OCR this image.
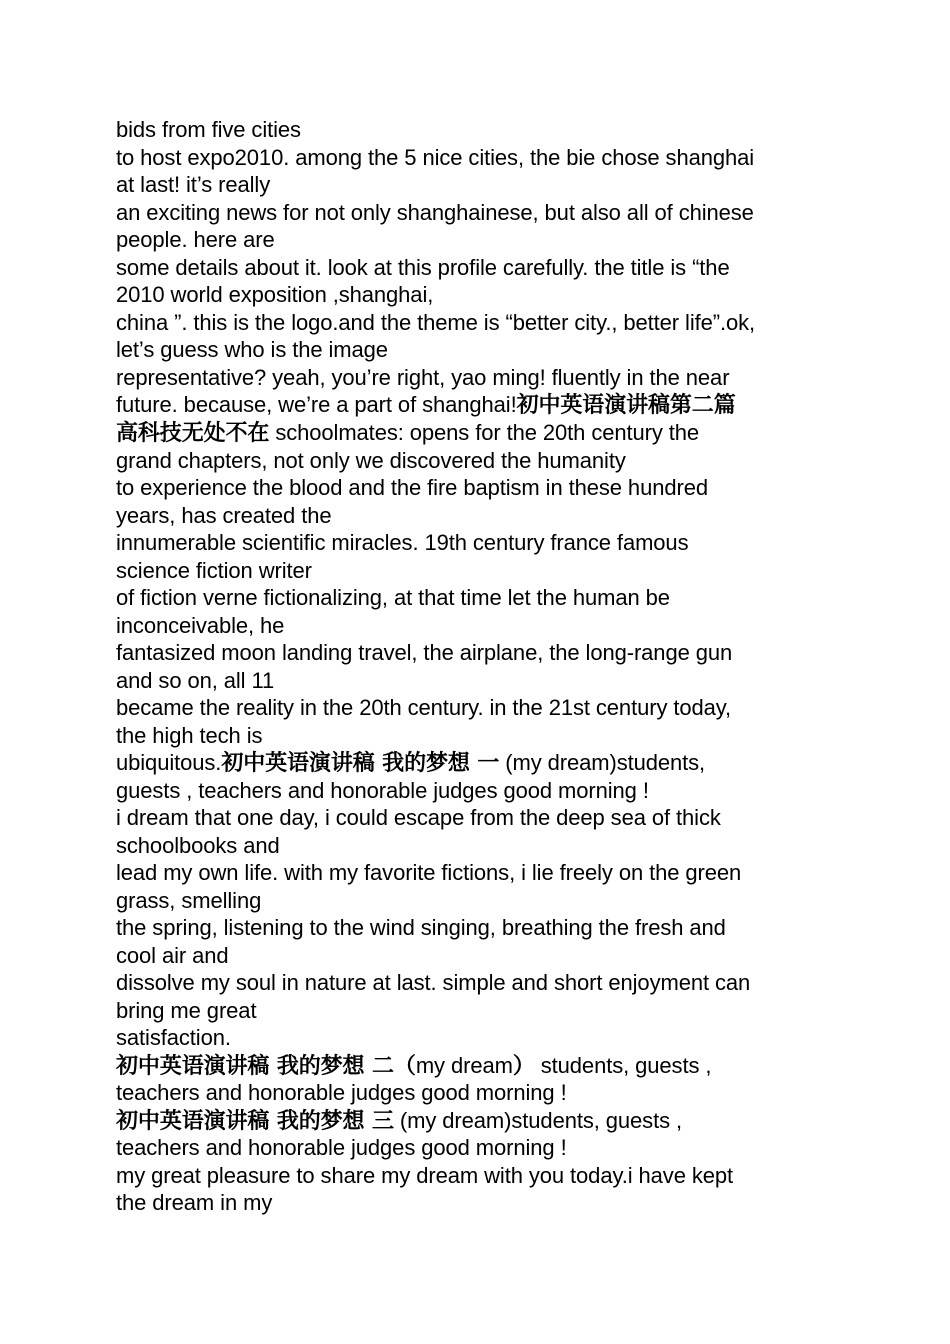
bids from five cities
to host expo2010. among the 5 nice cities, the bie chose shanghai
at last! it’s really
an exciting news for not only shanghainese, but also all of chinese
people. here are
some details about it. look at this profile carefully. the title is “the
2010 world exposition ,shanghai,
china ”. this is the logo.and the theme is “better city., better life”.ok,
let’s guess who is the image
representative? yeah, you’re right, yao ming! fluently in the near
future. because, we’re a part of shanghai!初中英语演讲稿第二篇
高科技无处不在 schoolmates: opens for the 20th century the
grand chapters, not only we discovered the humanity
to experience the blood and the fire baptism in these hundred
years, has created the
innumerable scientific miracles. 19th century france famous
science fiction writer
of fiction verne fictionalizing, at that time let the human be
inconceivable, he
fantasized moon landing travel, the airplane, the long-range gun
and so on, all 11
became the reality in the 20th century. in the 21st century today,
the high tech is
ubiquitous.初中英语演讲稿 我的梦想 一 (my dream)students,
guests , teachers and honorable judges good morning !
i dream that one day, i could escape from the deep sea of thick
schoolbooks and
lead my own life. with my favorite fictions, i lie freely on the green
grass, smelling
the spring, listening to the wind singing, breathing the fresh and
cool air and
dissolve my soul in nature at last. simple and short enjoyment can
bring me great
satisfaction.
初中英语演讲稿 我的梦想 二（my dream） students, guests ,
teachers and honorable judges good morning !
初中英语演讲稿 我的梦想 三 (my dream)students, guests ,
teachers and honorable judges good morning !
my great pleasure to share my dream with you today.i have kept
the dream in my
